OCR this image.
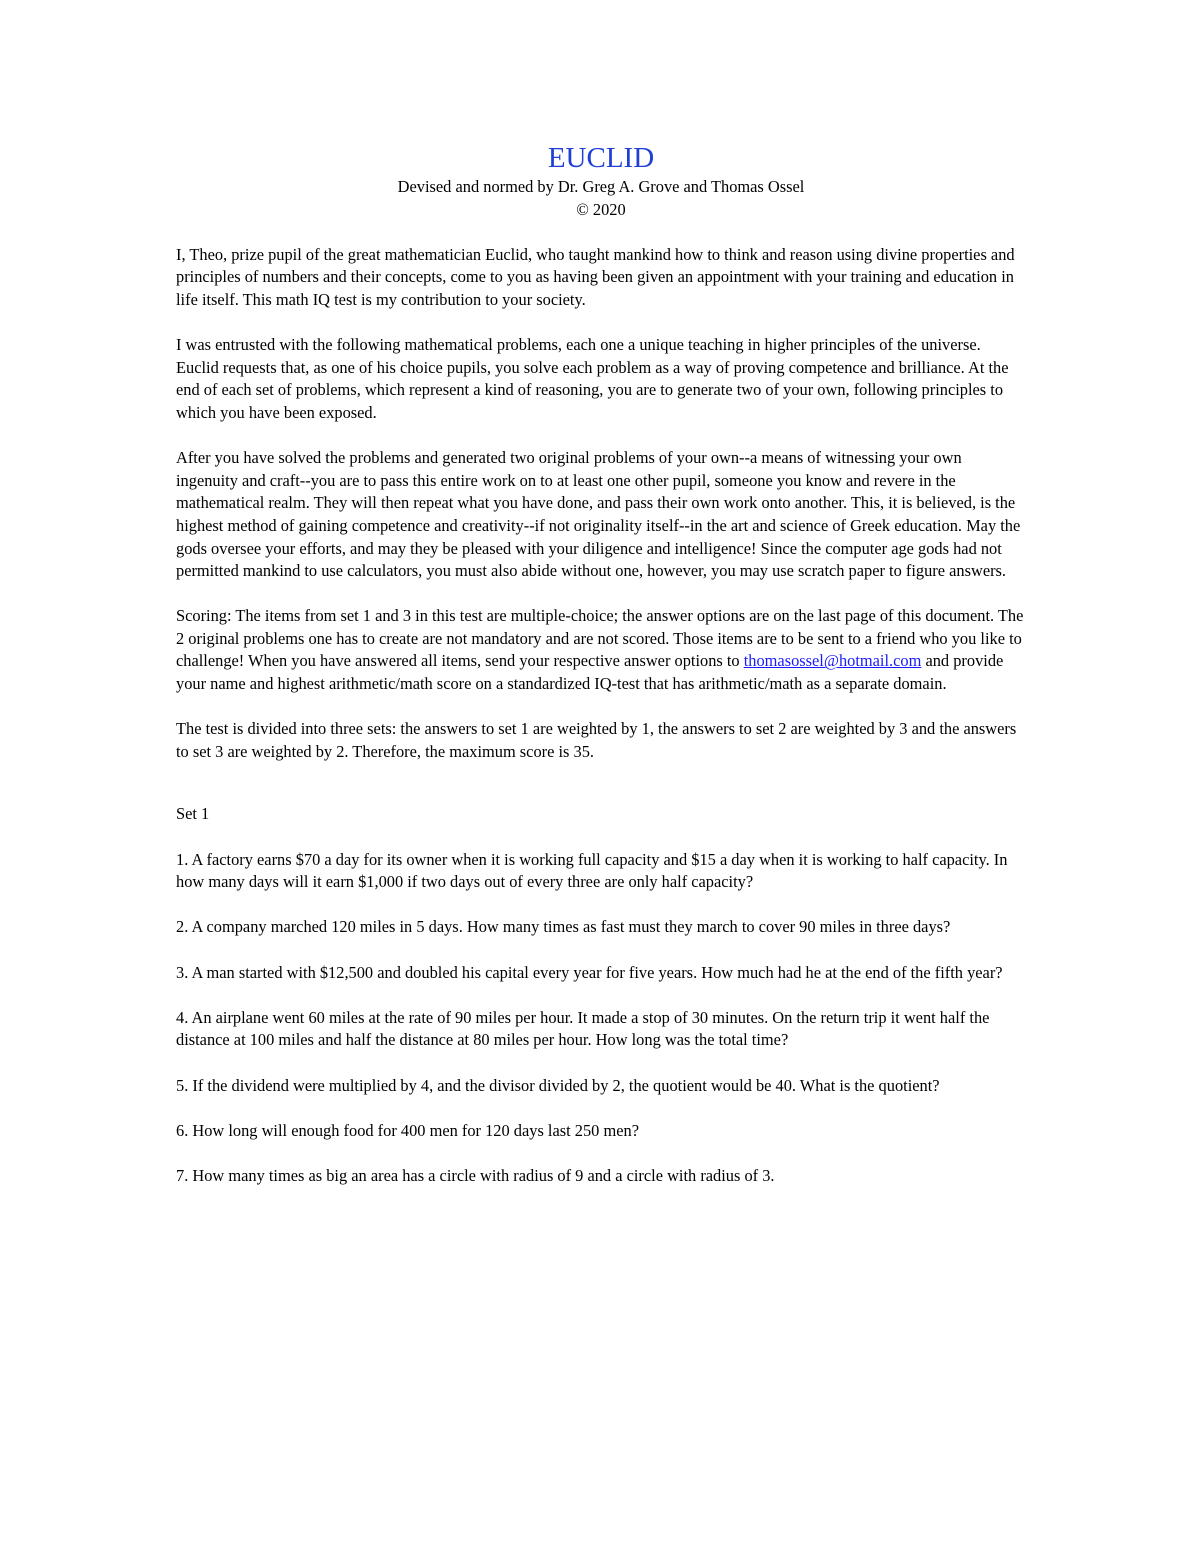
EUCLID
Devised and normed by Dr. Greg A. Grove and Thomas Ossel
© 2020

I, Theo, prize pupil of the great mathematician Euclid, who taught mankind how to think and reason using divine properties and principles of numbers and their concepts, come to you as having been given an appointment with your training and education in life itself. This math IQ test is my contribution to your society.

I was entrusted with the following mathematical problems, each one a unique teaching in higher principles of the universe. Euclid requests that, as one of his choice pupils, you solve each problem as a way of proving competence and brilliance. At the end of each set of problems, which represent a kind of reasoning, you are to generate two of your own, following principles to which you have been exposed.

After you have solved the problems and generated two original problems of your own--a means of witnessing your own ingenuity and craft--you are to pass this entire work on to at least one other pupil, someone you know and revere in the mathematical realm. They will then repeat what you have done, and pass their own work onto another. This, it is believed, is the highest method of gaining competence and creativity--if not originality itself--in the art and science of Greek education. May the gods oversee your efforts, and may they be pleased with your diligence and intelligence! Since the computer age gods had not permitted mankind to use calculators, you must also abide without one, however, you may use scratch paper to figure answers.

Scoring: The items from set 1 and 3 in this test are multiple-choice; the answer options are on the last page of this document. The 2 original problems one has to create are not mandatory and are not scored. Those items are to be sent to a friend who you like to challenge! When you have answered all items, send your respective answer options to thomasossel@hotmail.com and provide your name and highest arithmetic/math score on a standardized IQ-test that has arithmetic/math as a separate domain.

The test is divided into three sets: the answers to set 1 are weighted by 1, the answers to set 2 are weighted by 3 and the answers to set 3 are weighted by 2. Therefore, the maximum score is 35.

Set 1

1. A factory earns $70 a day for its owner when it is working full capacity and $15 a day when it is working to half capacity. In how many days will it earn $1,000 if two days out of every three are only half capacity?

2. A company marched 120 miles in 5 days. How many times as fast must they march to cover 90 miles in three days?

3. A man started with $12,500 and doubled his capital every year for five years. How much had he at the end of the fifth year?

4. An airplane went 60 miles at the rate of 90 miles per hour. It made a stop of 30 minutes. On the return trip it went half the distance at 100 miles and half the distance at 80 miles per hour. How long was the total time?

5. If the dividend were multiplied by 4, and the divisor divided by 2, the quotient would be 40. What is the quotient?

6. How long will enough food for 400 men for 120 days last 250 men?

7. How many times as big an area has a circle with radius of 9 and a circle with radius of 3.
